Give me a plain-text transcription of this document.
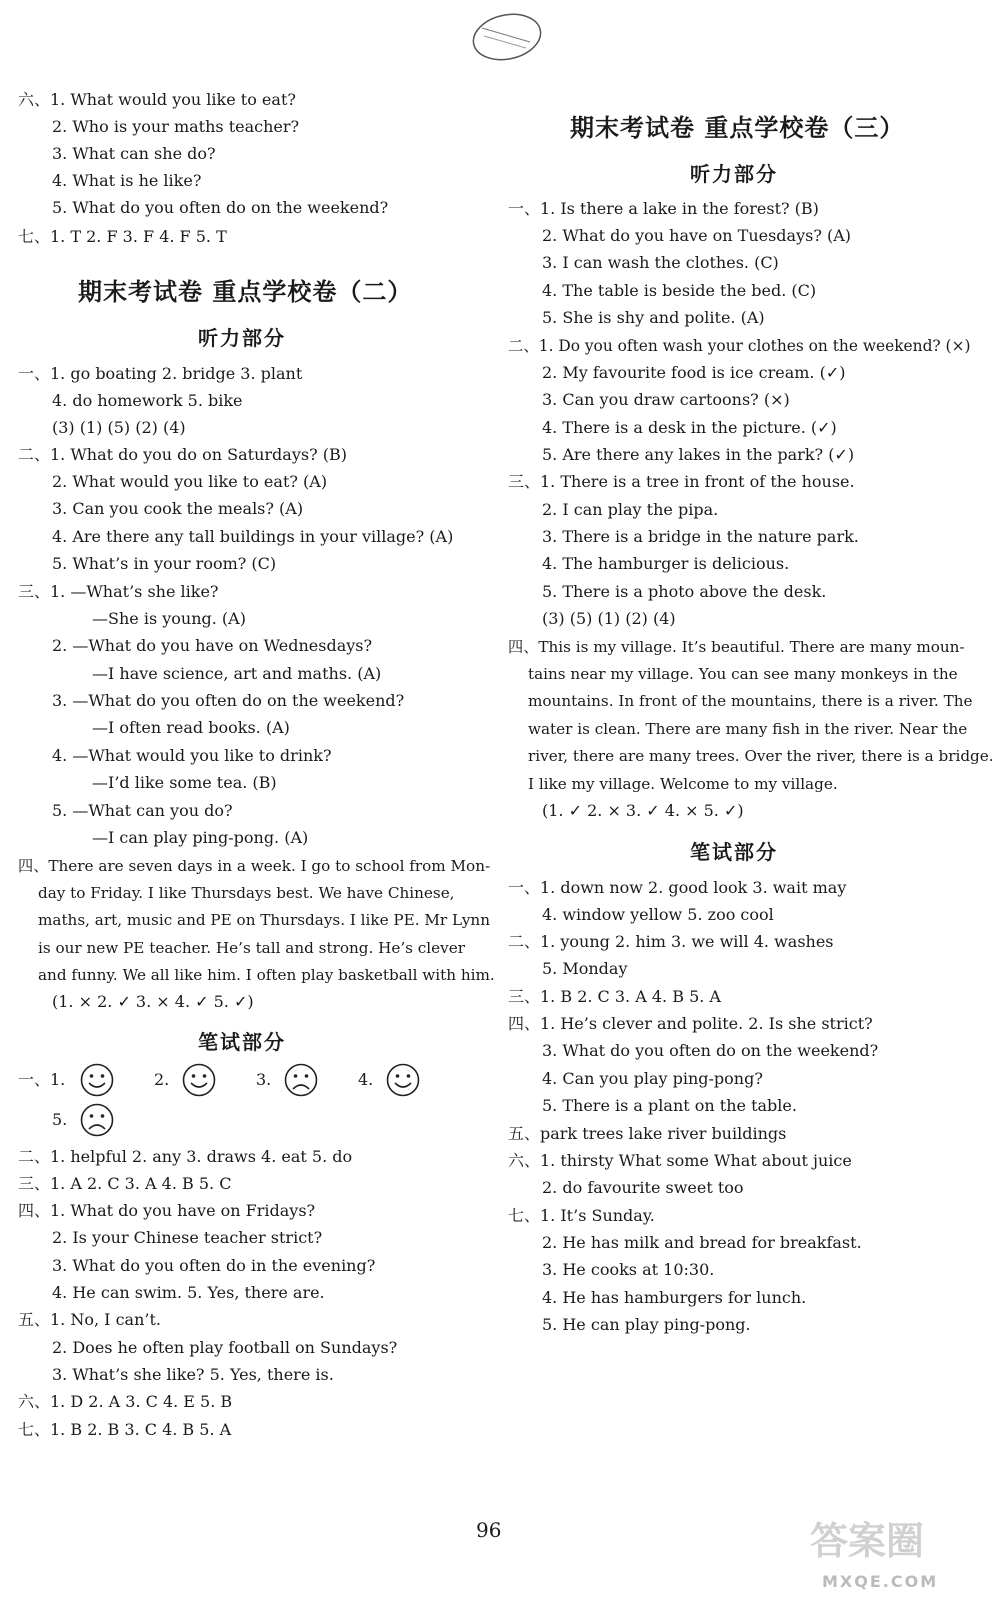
六、1. What would you like to eat?
2. Who is your maths teacher?
3. What can she do?
4. What is he like?
5. What do you often do on the weekend?
七、1. T 2. F 3. F 4. F 5. T
期末考试卷 重点学校卷（二）
听力部分
一、1. go boating 2. bridge 3. plant
4. do homework 5. bike
(3) (1) (5) (2) (4)
二、1. What do you do on Saturdays? (B)
2. What would you like to eat? (A)
3. Can you cook the meals? (A)
4. Are there any tall buildings in your village? (A)
5. What’s in your room? (C)
三、1. —What’s she like?
—She is young. (A)
2. —What do you have on Wednesdays?
—I have science, art and maths. (A)
3. —What do you often do on the weekend?
—I often read books. (A)
4. —What would you like to drink?
—I’d like some tea. (B)
5. —What can you do?
—I can play ping-pong. (A)
四、There are seven days in a week. I go to school from Mon-
day to Friday. I like Thursdays best. We have Chinese,
maths, art, music and PE on Thursdays. I like PE. Mr Lynn
is our new PE teacher. He’s tall and strong. He’s clever
and funny. We all like him. I often play basketball with him.
(1. × 2. ✓ 3. × 4. ✓ 5. ✓)
笔试部分
一、1.	2.	3.	4.
5.
二、1. helpful 2. any 3. draws 4. eat 5. do
三、1. A 2. C 3. A 4. B 5. C
四、1. What do you have on Fridays?
2. Is your Chinese teacher strict?
3. What do you often do in the evening?
4. He can swim. 5. Yes, there are.
五、1. No, I can’t.
2. Does he often play football on Sundays?
3. What’s she like? 5. Yes, there is.
六、1. D 2. A 3. C 4. E 5. B
七、1. B 2. B 3. C 4. B 5. A
期末考试卷 重点学校卷（三）
听力部分
一、1. Is there a lake in the forest? (B)
2. What do you have on Tuesdays? (A)
3. I can wash the clothes. (C)
4. The table is beside the bed. (C)
5. She is shy and polite. (A)
二、1. Do you often wash your clothes on the weekend? (×)
2. My favourite food is ice cream. (✓)
3. Can you draw cartoons? (×)
4. There is a desk in the picture. (✓)
5. Are there any lakes in the park? (✓)
三、1. There is a tree in front of the house.
2. I can play the pipa.
3. There is a bridge in the nature park.
4. The hamburger is delicious.
5. There is a photo above the desk.
(3) (5) (1) (2) (4)
四、This is my village. It’s beautiful. There are many moun-
tains near my village. You can see many monkeys in the
mountains. In front of the mountains, there is a river. The
water is clean. There are many fish in the river. Near the
river, there are many trees. Over the river, there is a bridge.
I like my village. Welcome to my village.
(1. ✓ 2. × 3. ✓ 4. × 5. ✓)
笔试部分
一、1. down now 2. good look 3. wait may
4. window yellow 5. zoo cool
二、1. young 2. him 3. we will 4. washes
5. Monday
三、1. B 2. C 3. A 4. B 5. A
四、1. He’s clever and polite. 2. Is she strict?
3. What do you often do on the weekend?
4. Can you play ping-pong?
5. There is a plant on the table.
五、park trees lake river buildings
六、1. thirsty What some What about juice
2. do favourite sweet too
七、1. It’s Sunday.
2. He has milk and bread for breakfast.
3. He cooks at 10:30.
4. He has hamburgers for lunch.
5. He can play ping-pong.
96	答案圈
MXQE.COM
